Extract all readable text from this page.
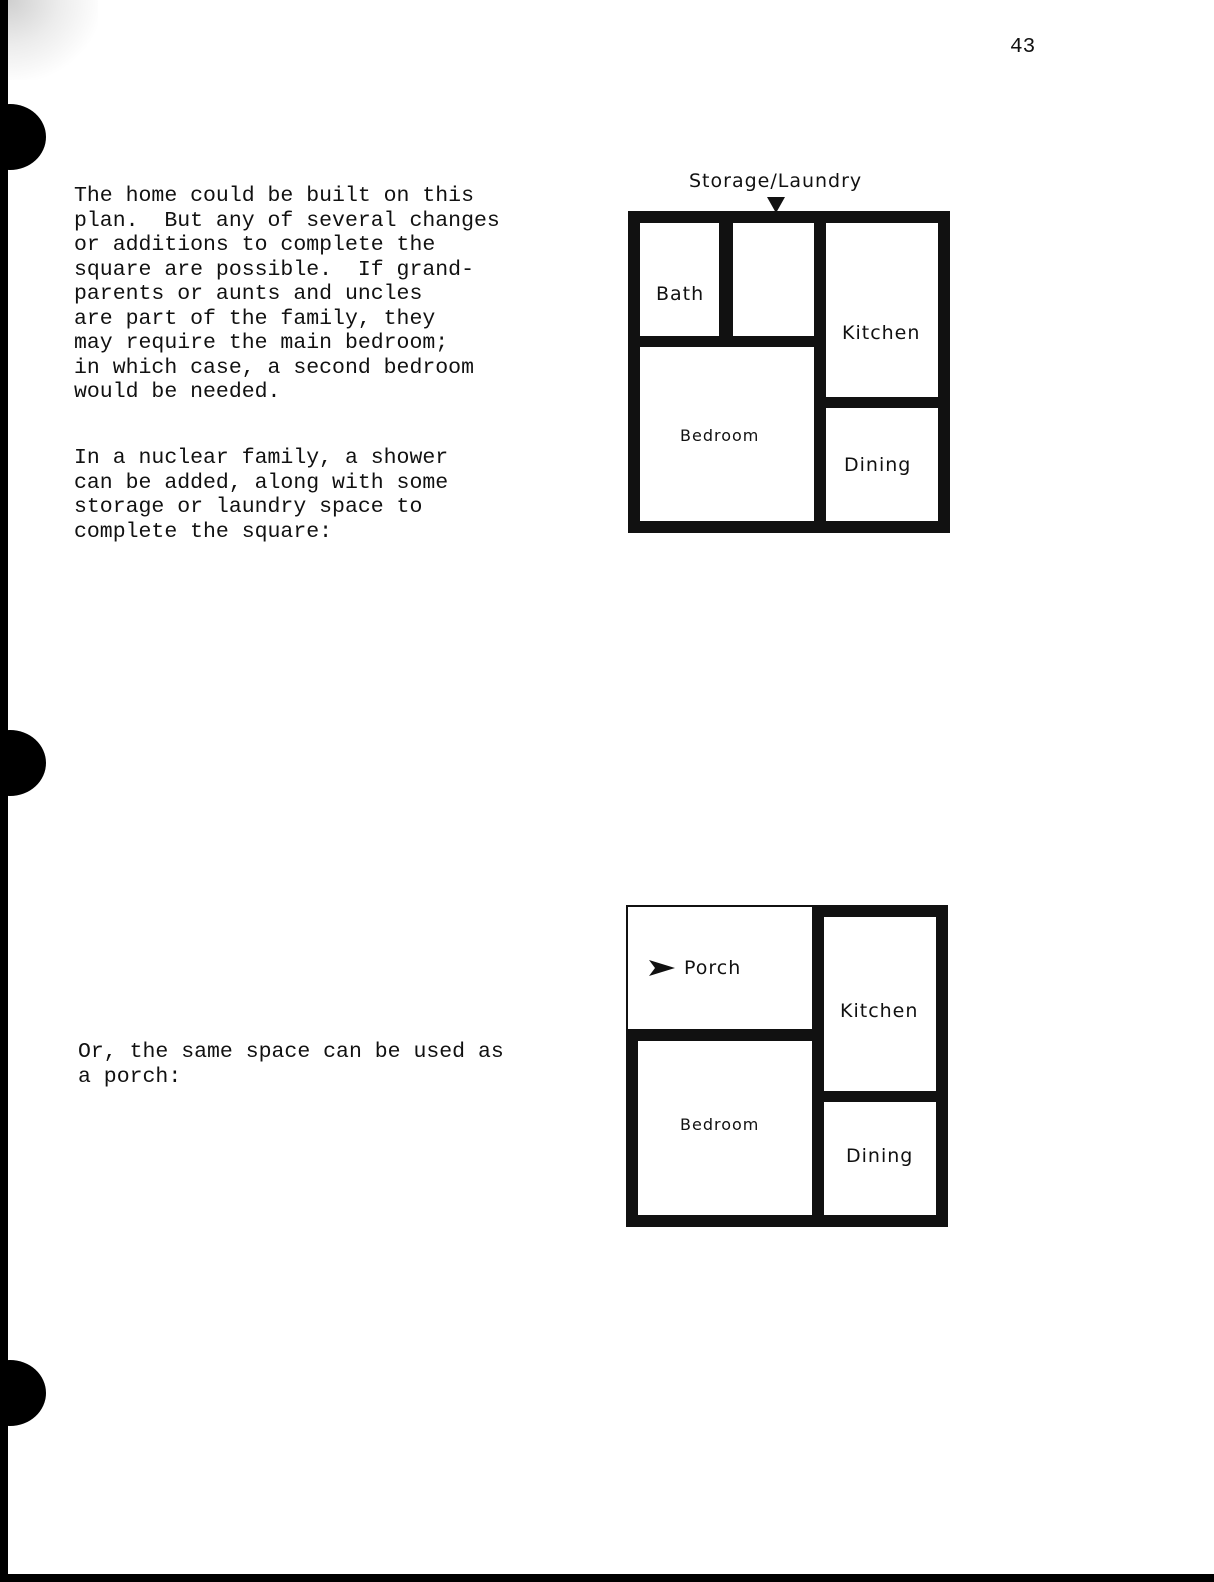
43
The home could be built on this
plan.  But any of several changes
or additions to complete the
square are possible.  If grand-
parents or aunts and uncles
are part of the family, they
may require the main bedroom;
in which case, a second bedroom
would be needed.
In a nuclear family, a shower
can be added, along with some
storage or laundry space to
complete the square:
Or, the same space can be used as
a porch:
Storage/Laundry
Bath
Kitchen
Bedroom
Dining
Porch
Kitchen
Bedroom
Dining
